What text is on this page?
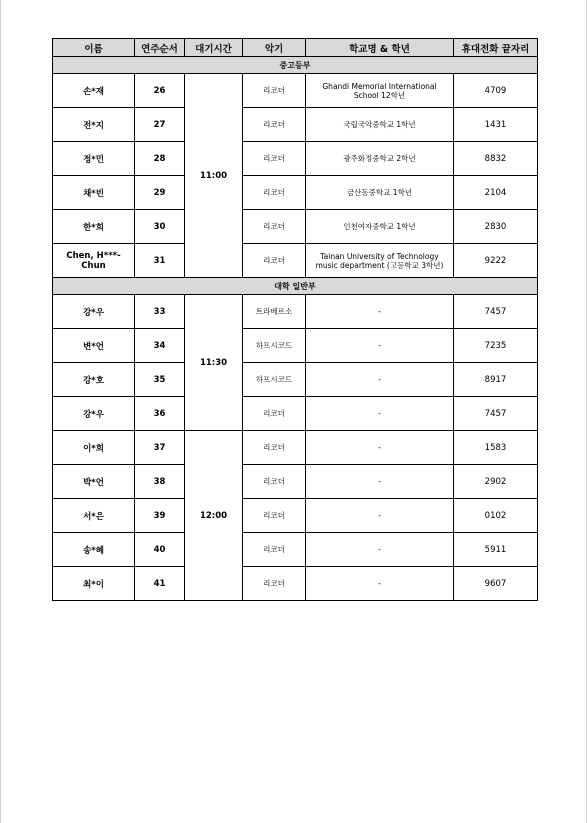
이름	연주순서	대기시간	악기	학교명 & 학년	휴대전화 끝자리
중고등부					
손*재	26	11:00	리코더	Ghandi Memorial International School 12학년	4709
전*지	27		리코더	국립국악중학교 1학년	1431
정*민	28		리코더	광주화정중학교 2학년	8832
채*빈	29		리코더	금산동중학교 1학년	2104
한*희	30		리코더	인천여자중학교 1학년	2830
Chen, H***-Chun	31		리코더	Tainan University of Technology music department (고등학교 3학년)	9222
대학 일반부					
강*우	33	11:30	트라베르소	-	7457
변*언	34		하프시코드	-	7235
강*호	35		하프시코드	-	8917
강*우	36		리코더	-	7457
이*희	37	12:00	리코더	-	1583
박*언	38		리코더	-	2902
서*은	39		리코더	-	0102
송*혜	40		리코더	-	5911
최*이	41		리코더	-	9607
